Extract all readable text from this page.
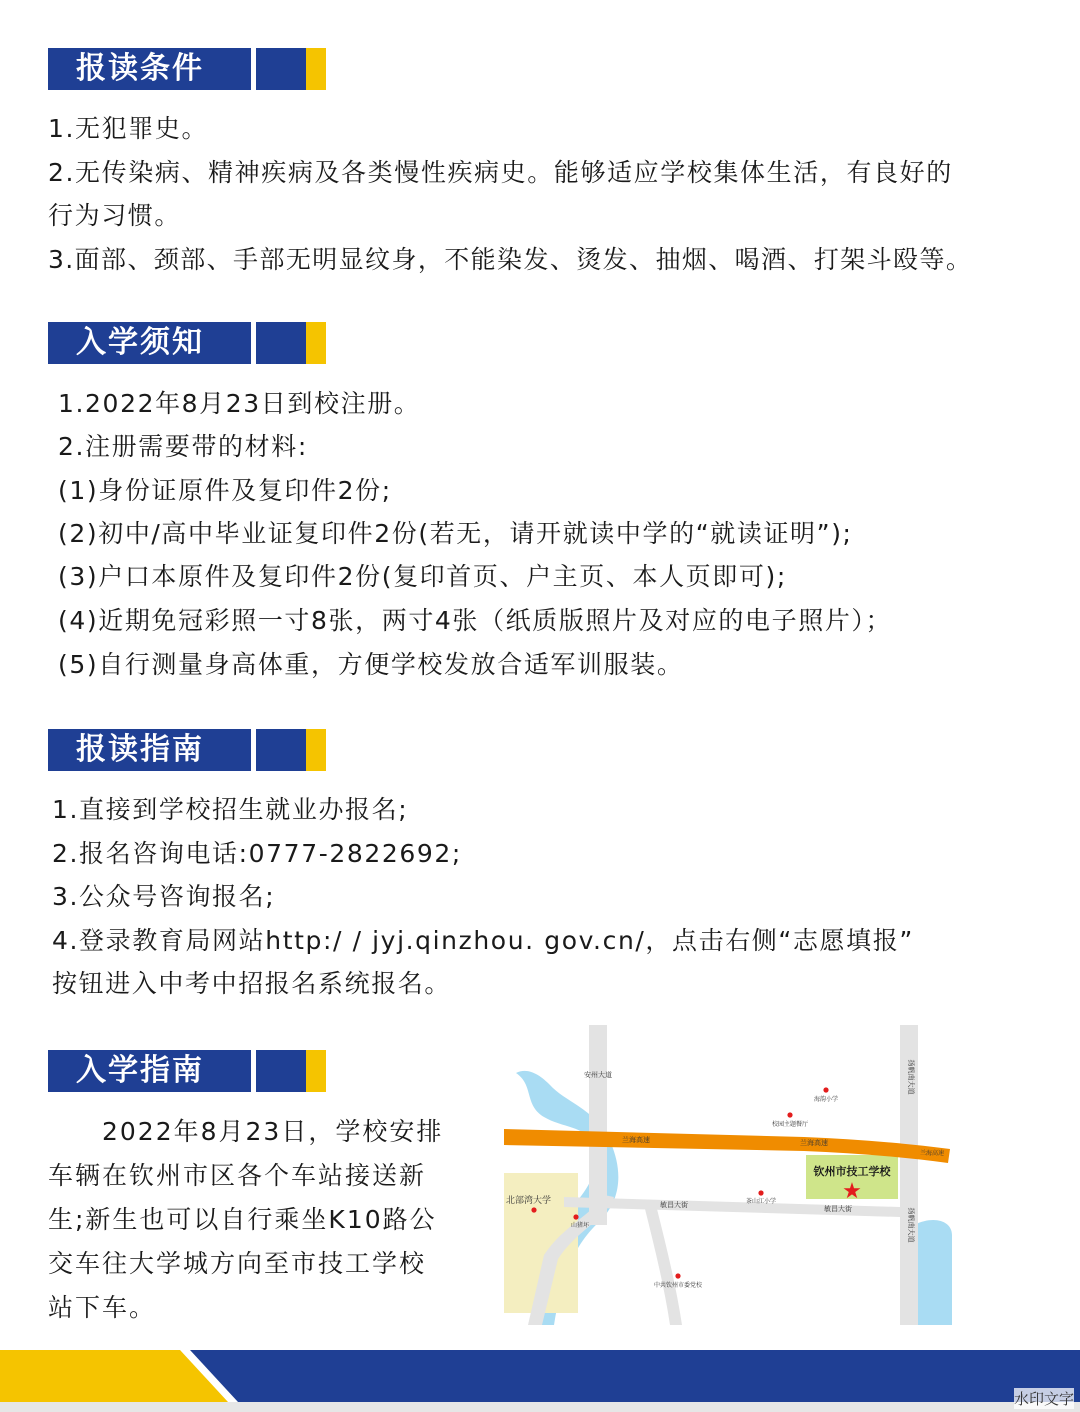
报读条件
1.无犯罪史。
2.无传染病、精神疾病及各类慢性疾病史。能够适应学校集体生活，有良好的
行为习惯。
3.面部、颈部、手部无明显纹身，不能染发、烫发、抽烟、喝酒、打架斗殴等。
入学须知
1.2022年8月23日到校注册。
2.注册需要带的材料:
(1)身份证原件及复印件2份;
(2)初中/高中毕业证复印件2份(若无，请开就读中学的“就读证明”);
(3)户口本原件及复印件2份(复印首页、户主页、本人页即可);
(4)近期免冠彩照一寸8张，两寸4张（纸质版照片及对应的电子照片）；
(5)自行测量身高体重，方便学校发放合适军训服装。
报读指南
1.直接到学校招生就业办报名;
2.报名咨询电话:0777-2822692;
3.公众号咨询报名;
4.登录教育局网站http:/ / jyj.qinzhou. gov.cn/，点击右侧“志愿填报”
按钮进入中考中招报名系统报名。
入学指南
　　2022年8月23日，学校安排
车辆在钦州市区各个车站接送新
生;新生也可以自行乘坐K10路公
交车往大学城方向至市技工学校
站下车。
安州大道	扬帆南大道
扬帆南大道
兰海高速	兰海高速
兰海高速
敏昌大街	敏昌大街
钦州市技工学校
★
海韵小学
校园主题餐厅
茶山江小学
北部湾大学
山猪坏
中共钦州市委党校
水印文字
